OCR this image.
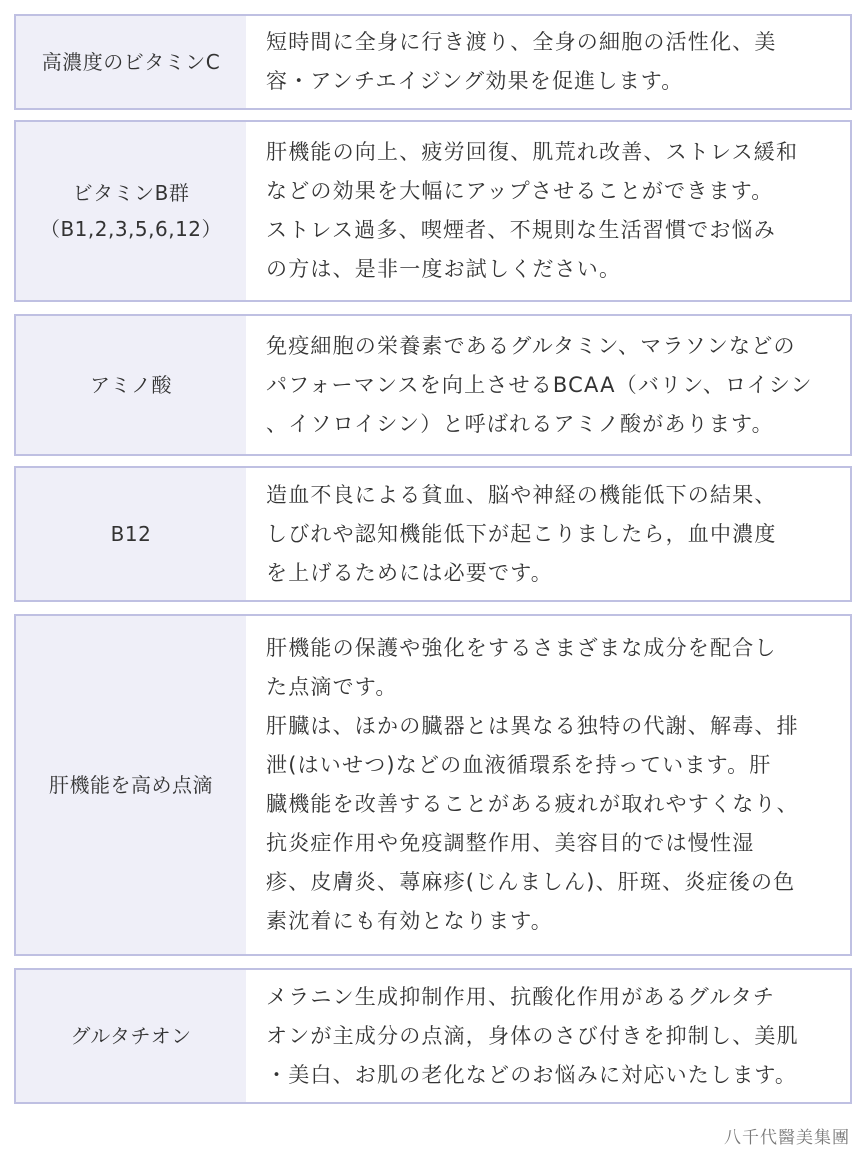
高濃度のビタミンC
短時間に全身に行き渡り、全身の細胞の活性化、美
容・アンチエイジング効果を促進します。
ビタミンB群
（B1,2,3,5,6,12）
肝機能の向上、疲労回復、肌荒れ改善、ストレス緩和
などの効果を大幅にアップさせることができます。
ストレス過多、喫煙者、不規則な生活習慣でお悩み
の方は、是非一度お試しください。
アミノ酸
免疫細胞の栄養素であるグルタミン、マラソンなどの
パフォーマンスを向上させるBCAA（バリン、ロイシン
、イソロイシン）と呼ばれるアミノ酸があります。
B12
造血不良による貧血、脳や神経の機能低下の結果、
しびれや認知機能低下が起こりましたら，血中濃度
を上げるためには必要です。
肝機能を高め点滴
肝機能の保護や強化をするさまざまな成分を配合し
た点滴です。
肝臓は、ほかの臓器とは異なる独特の代謝、解毒、排
泄(はいせつ)などの血液循環系を持っています。肝
臓機能を改善することがある疲れが取れやすくなり、
抗炎症作用や免疫調整作用、美容目的では慢性湿
疹、皮膚炎、蕁麻疹(じんましん)、肝斑、炎症後の色
素沈着にも有効となります。
グルタチオン
メラニン生成抑制作用、抗酸化作用があるグルタチ
オンが主成分の点滴，身体のさび付きを抑制し、美肌
・美白、お肌の老化などのお悩みに対応いたします。
八千代醫美集團
